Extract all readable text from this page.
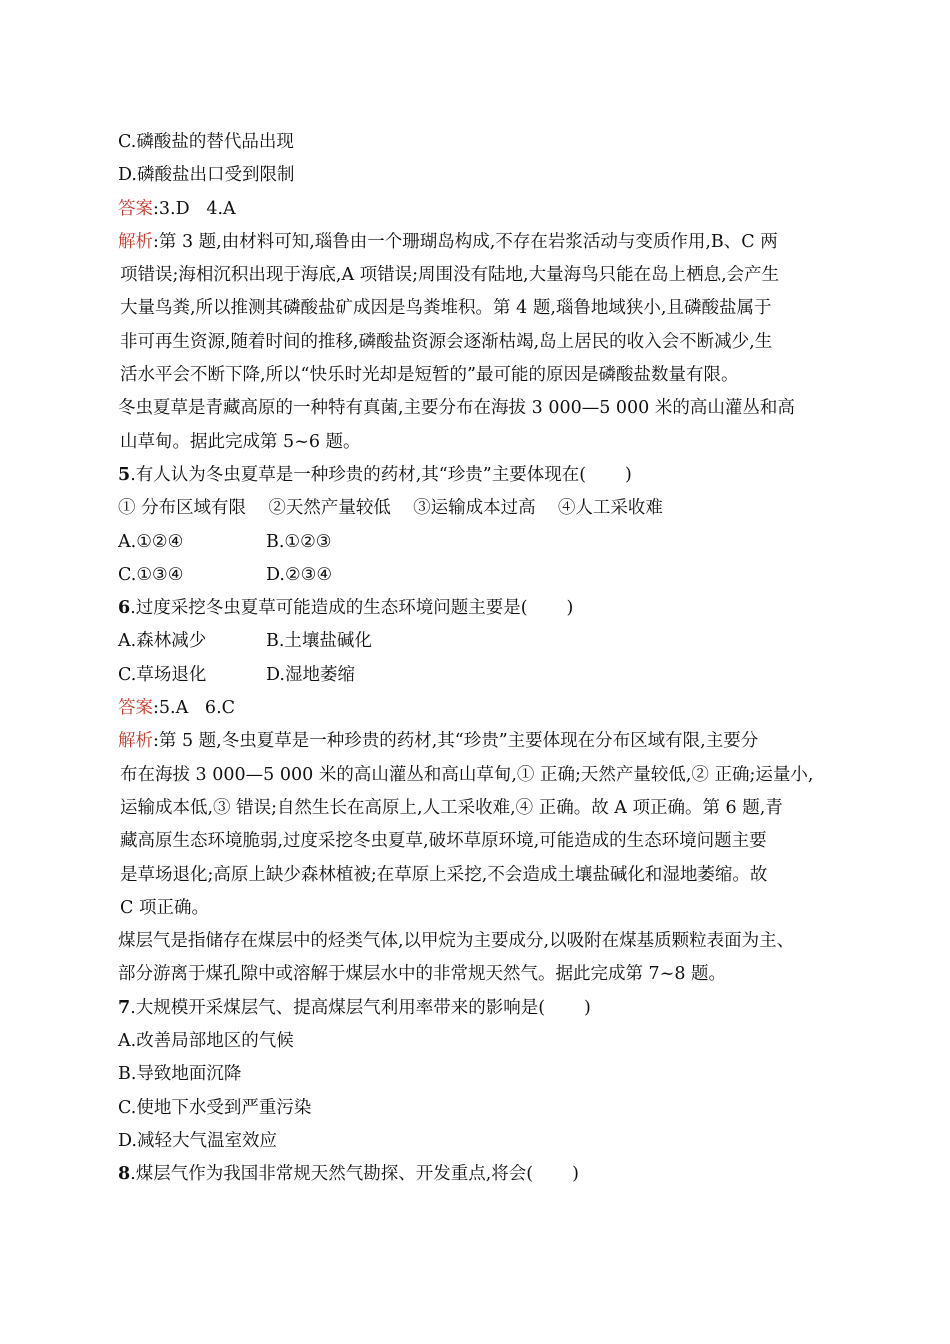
C.磷酸盐的替代品出现
D.磷酸盐出口受到限制
答案:3.D   4.A
解析:第 3 题,由材料可知,瑙鲁由一个珊瑚岛构成,不存在岩浆活动与变质作用,B、C 两
项错误;海相沉积出现于海底,A 项错误;周围没有陆地,大量海鸟只能在岛上栖息,会产生
大量鸟粪,所以推测其磷酸盐矿成因是鸟粪堆积。第 4 题,瑙鲁地域狭小,且磷酸盐属于
非可再生资源,随着时间的推移,磷酸盐资源会逐渐枯竭,岛上居民的收入会不断减少,生
活水平会不断下降,所以“快乐时光却是短暂的”最可能的原因是磷酸盐数量有限。
冬虫夏草是青藏高原的一种特有真菌,主要分布在海拔 3 000—5 000 米的高山灌丛和高
山草甸。据此完成第 5~6 题。
5.有人认为冬虫夏草是一种珍贵的药材,其“珍贵”主要体现在(       )
① 分布区域有限    ②天然产量较低    ③运输成本过高    ④人工采收难
A.①②④	B.①②③
C.①③④	D.②③④
6.过度采挖冬虫夏草可能造成的生态环境问题主要是(       )
A.森林减少	B.土壤盐碱化
C.草场退化	D.湿地萎缩
答案:5.A   6.C
解析:第 5 题,冬虫夏草是一种珍贵的药材,其“珍贵”主要体现在分布区域有限,主要分
布在海拔 3 000—5 000 米的高山灌丛和高山草甸,① 正确;天然产量较低,② 正确;运量小,
运输成本低,③ 错误;自然生长在高原上,人工采收难,④ 正确。故 A 项正确。第 6 题,青
藏高原生态环境脆弱,过度采挖冬虫夏草,破坏草原环境,可能造成的生态环境问题主要
是草场退化;高原上缺少森林植被;在草原上采挖,不会造成土壤盐碱化和湿地萎缩。故
C 项正确。
煤层气是指储存在煤层中的烃类气体,以甲烷为主要成分,以吸附在煤基质颗粒表面为主、
部分游离于煤孔隙中或溶解于煤层水中的非常规天然气。据此完成第 7~8 题。
7.大规模开采煤层气、提高煤层气利用率带来的影响是(       )
A.改善局部地区的气候
B.导致地面沉降
C.使地下水受到严重污染
D.减轻大气温室效应
8.煤层气作为我国非常规天然气勘探、开发重点,将会(       )
